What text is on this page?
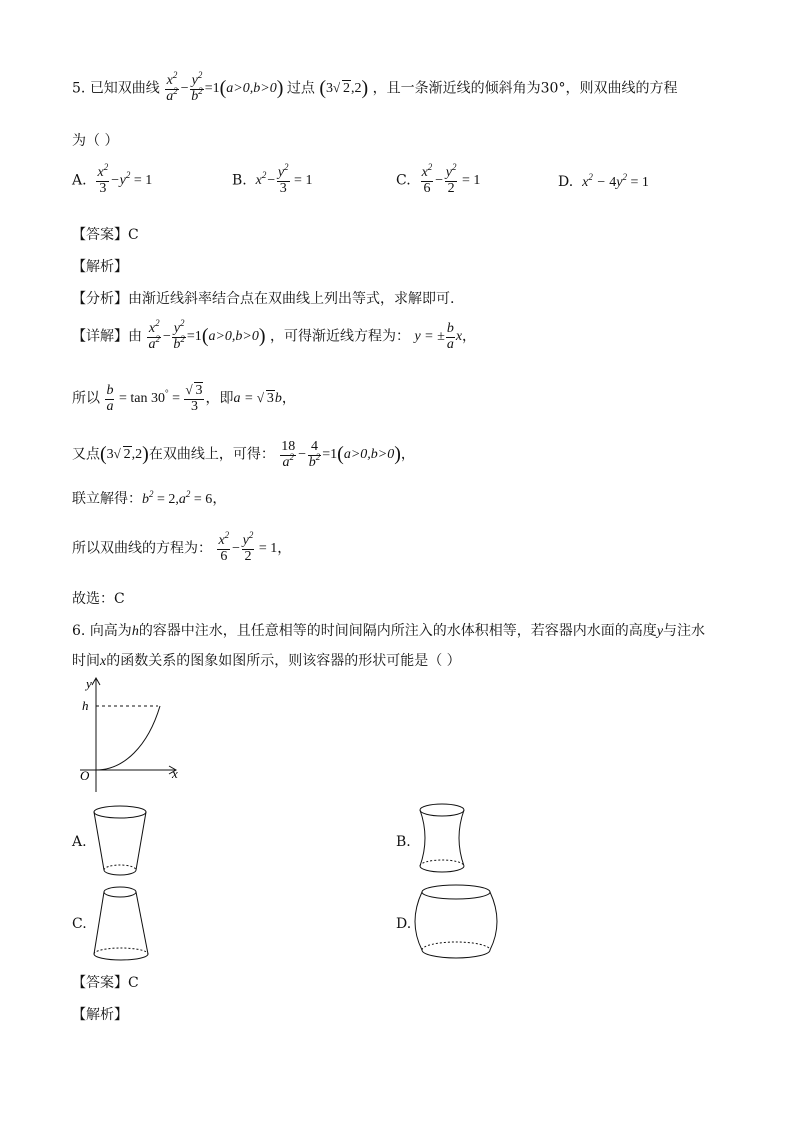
5. 已知双曲线 $\frac{x^2}{a^2} - \frac{y^2}{b^2} =1(a>0,b>0)$ 过点 (3 √ 2,2) ，且一条渐近线的倾斜角为30°，则双曲线的方程
为（ ）
A. $\frac{x^2}{3} -y^2 = 1$	B. $x^2- \frac{y^2}{3} = 1$	C. $\frac{x^2}{6} - \frac{y^2}{2} = 1$	D. $x^2 - 4y^2 = 1$
【答案】C
【解析】
【分析】由渐近线斜率结合点在双曲线上列出等式，求解即可.
【详解】由 $\frac{x^2}{a^2} - \frac{y^2}{b^2} =1(a>0,b>0)$ ，可得渐近线方程为： y = ± $\frac{b}{a}$ x，
所以 $\frac{b}{a} = \tan 30^\circ$ = √ $\frac{3}{3}$ ，即a = √ 3b，
又点(3 √ 2,2)在双曲线上，可得： $\frac{18}{a^2} - \frac{4}{b^2} =1(a>0,b>0)$，
联立解得：$b^2 = 2,a^2 = 6$，
所以双曲线的方程为： $\frac{x^2}{6} - \frac{y^2}{2} = 1$，
故选：C
6. 向高为h的容器中注水，且任意相等的时间间隔内所注入的水体积相等，若容器内水面的高度y与注水
时间x的函数关系的图象如图所示，则该容器的形状可能是（ ）
y
h
O	x
A.	B.
C.	D.
【答案】C
【解析】
